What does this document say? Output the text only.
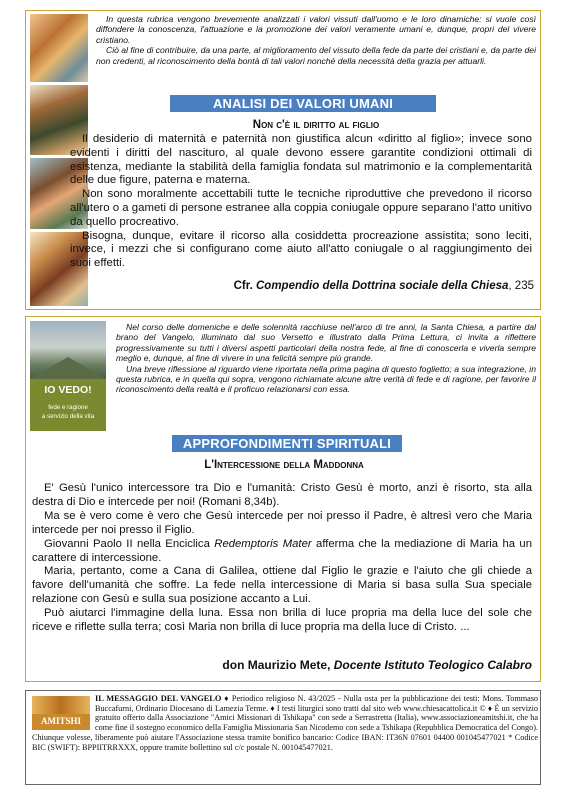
In questa rubrica vengono brevemente analizzati i valori vissuti dall'uomo e le loro dinamiche: si vuole così diffondere la conoscenza, l'attuazione e la promozione dei valori veramente umani e, dunque, propri del vivere cristiano.

Ciò al fine di contribuire, da una parte, al miglioramento del vissuto della fede da parte dei cristiani e, da parte dei non credenti, al riconoscimento della bontà di tali valori nonché della necessità della grazia per attuarli.

ANALISI DEI VALORI UMANI
Non c'è il diritto al figlio

Il desiderio di maternità e paternità non giustifica alcun «diritto al figlio»; invece sono evidenti i diritti del nascituro, al quale devono essere garantite condizioni ottimali di esistenza, mediante la stabilità della famiglia fondata sul matrimonio e la complementarità delle due figure, paterna e materna.

Non sono moralmente accettabili tutte le tecniche riproduttive che prevedono il ricorso all'utero o a gameti di persone estranee alla coppia coniugale oppure separano l'atto unitivo da quello procreativo.

Bisogna, dunque, evitare il ricorso alla cosiddetta procreazione assistita; sono leciti, invece, i mezzi che si configurano come aiuto all'atto coniugale o al raggiungimento dei suoi effetti.

Cfr. Compendio della Dottrina sociale della Chiesa, 235
IO VEDO!
fede e ragione
a servizio della vita

Nel corso delle domeniche e delle solennità racchiuse nell'arco di tre anni, la Santa Chiesa, a partire dal brano del Vangelo, illuminato dal suo Versetto e illustrato dalla Prima Lettura, ci invita a riflettere progressivamente su tutti i diversi aspetti particolari della nostra fede, al fine di conoscerla e viverla sempre meglio e, dunque, al fine di vivere in una felicità sempre più grande.

Una breve riflessione al riguardo viene riportata nella prima pagina di questo foglietto; a sua integrazione, in questa rubrica, e in quella qui sopra, vengono richiamate alcune altre verità di fede e di ragione, per favorire il riconoscimento della realtà e il proficuo relazionarsi con essa.

APPROFONDIMENTI SPIRITUALI
L'Intercessione della Maddonna

E' Gesù l'unico intercessore tra Dio e l'umanità: Cristo Gesù è morto, anzi è risorto, sta alla destra di Dio e intercede per noi! (Romani 8,34b).

Ma se è vero come è vero che Gesù intercede per noi presso il Padre, è altresì vero che Maria intercede per noi presso il Figlio.

Giovanni Paolo II nella Enciclica Redemptoris Mater afferma che la mediazione di Maria ha un carattere di intercessione.

Maria, pertanto, come a Cana di Galilea, ottiene dal Figlio le grazie e l'aiuto che gli chiede a favore dell'umanità che soffre. La fede nella intercessione di Maria si basa sulla Sua speciale relazione con Gesù e sulla sua posizione accanto a Lui.

Può aiutarci l'immagine della luna. Essa non brilla di luce propria ma della luce del sole che riceve e riflette sulla terra; così Maria non brilla di luce propria ma della luce di Cristo. ...

don Maurizio Mete, Docente Istituto Teologico Calabro
IL MESSAGGIO DEL VANGELO
AMITSHI
♦ Periodico religioso N. 43/2025 - Nulla osta per la pubblicazione dei testi: Mons. Tommaso Buccafurni, Ordinario Diocesano di Lamezia Terme. ♦ I testi liturgici sono tratti dal sito web www.chiesacattolica.it © ♦ È un servizio gratuito offerto dalla Associazione "Amici Missionari di Tshikapa" con sede a Serrastretta (Italia), www.associazioneamitshi.it, che ha come fine il sostegno economico della Famiglia Missionaria San Nicodemo con sede a Tshikapa (Repubblica Democratica del Congo). Chiunque volesse, liberamente può aiutare l'Associazione stessa tramite bonifico bancario: Codice IBAN: IT36N 07601 04400 001045477021 * Codice BIC (SWIFT): BPPIITRRXXX, oppure tramite bollettino sul c/c postale N. 001045477021.
